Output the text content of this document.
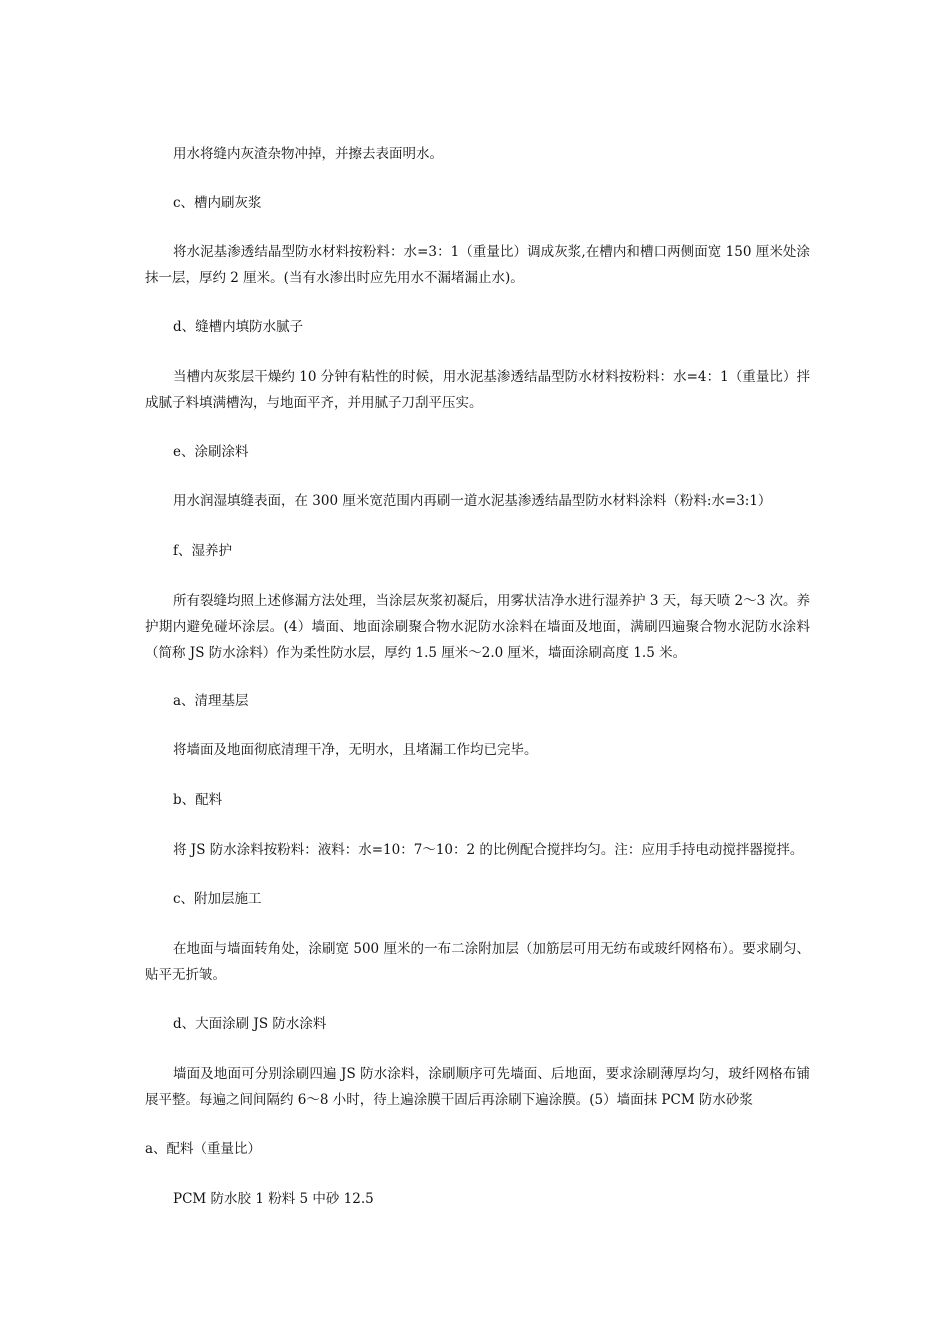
用水将缝内灰渣杂物冲掉，并擦去表面明水。

c、槽内刷灰浆

将水泥基渗透结晶型防水材料按粉料：水=3：1（重量比）调成灰浆,在槽内和槽口两侧面宽 150 厘米处涂抹一层，厚约 2 厘米。(当有水渗出时应先用水不漏堵漏止水)。

d、缝槽内填防水腻子

当槽内灰浆层干燥约 10 分钟有粘性的时候，用水泥基渗透结晶型防水材料按粉料：水=4：1（重量比）拌成腻子料填满槽沟，与地面平齐，并用腻子刀刮平压实。

e、涂刷涂料

用水润湿填缝表面，在 300 厘米宽范围内再刷一道水泥基渗透结晶型防水材料涂料（粉料:水=3:1）

f、湿养护

所有裂缝均照上述修漏方法处理，当涂层灰浆初凝后，用雾状洁净水进行湿养护 3 天，每天喷 2～3 次。养护期内避免碰坏涂层。(4）墙面、地面涂刷聚合物水泥防水涂料在墙面及地面，满刷四遍聚合物水泥防水涂料（简称 JS 防水涂料）作为柔性防水层，厚约 1.5 厘米～2.0 厘米，墙面涂刷高度 1.5 米。

a、清理基层

将墙面及地面彻底清理干净，无明水，且堵漏工作均已完毕。

b、配料

将 JS 防水涂料按粉料：液料：水=10：7～10：2 的比例配合搅拌均匀。注：应用手持电动搅拌器搅拌。

c、附加层施工

在地面与墙面转角处，涂刷宽 500 厘米的一布二涂附加层（加筋层可用无纺布或玻纤网格布）。要求刷匀、贴平无折皱。

d、大面涂刷 JS 防水涂料

墙面及地面可分别涂刷四遍 JS 防水涂料，涂刷顺序可先墙面、后地面，要求涂刷薄厚均匀，玻纤网格布铺展平整。每遍之间间隔约 6～8 小时，待上遍涂膜干固后再涂刷下遍涂膜。(5）墙面抹 PCM 防水砂浆

a、配料（重量比）

PCM 防水胶 1 粉料 5 中砂 12.5
